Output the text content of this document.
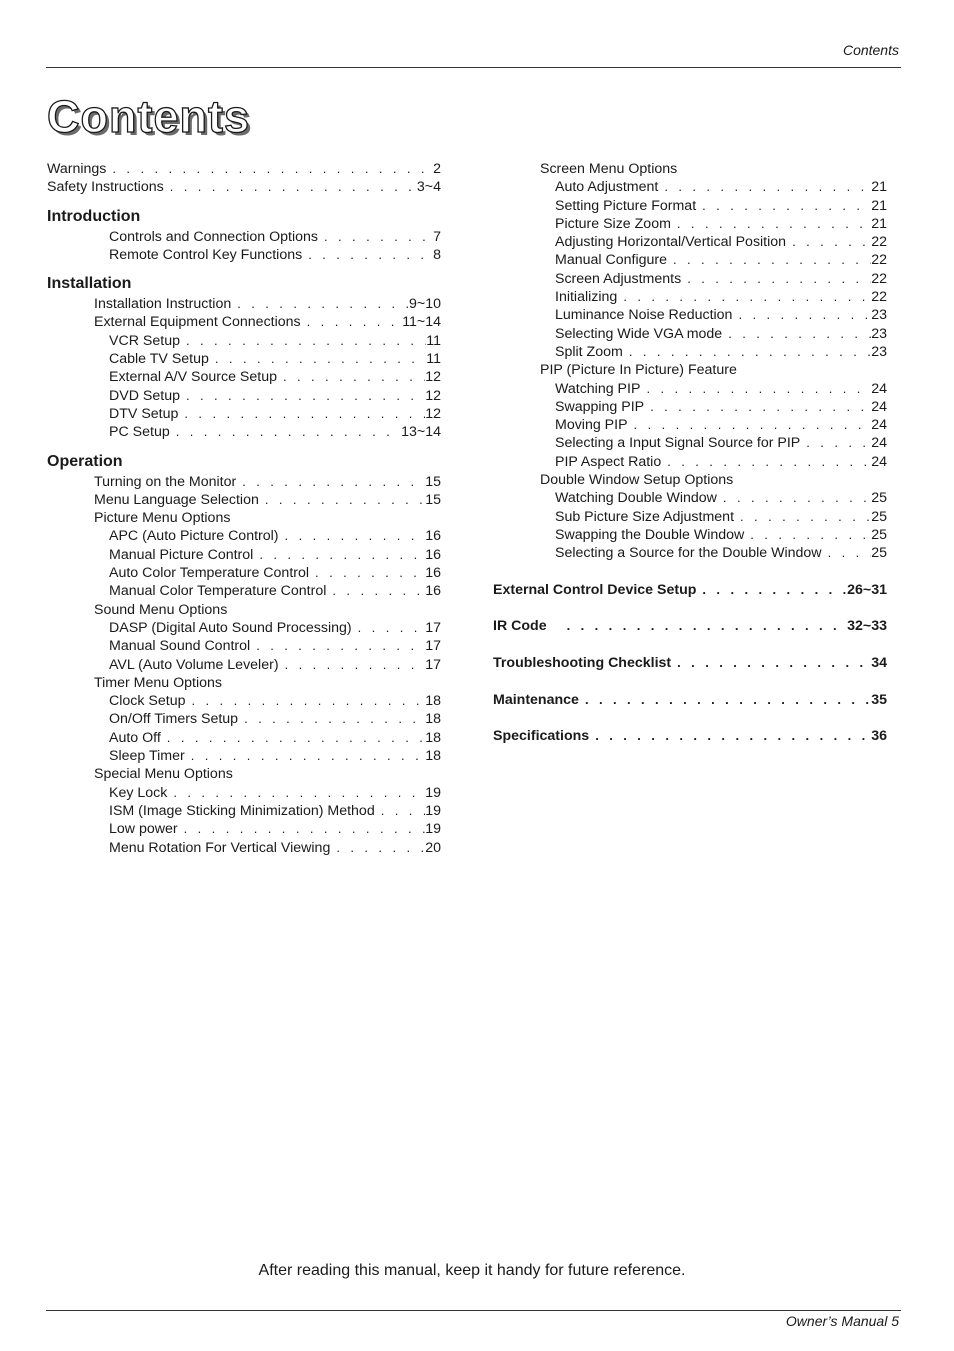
Contents
Contents
Warnings . . .	2
Safety Instructions . . .	3~4
Introduction
Controls and Connection Options . . .	7
Remote Control Key Functions . . .	8
Installation
Installation Instruction . . .	9~10
External Equipment Connections . . .	11~14
VCR Setup . . .	11
Cable TV Setup . . .	11
External A/V Source Setup . . .	12
DVD Setup . . .	12
DTV Setup . . .	12
PC Setup . . .	13~14
Operation
Turning on the Monitor . . .	15
Menu Language Selection . . .	15
Picture Menu Options
APC (Auto Picture Control) . . .	16
Manual Picture Control . . .	16
Auto Color Temperature Control . . .	16
Manual Color Temperature Control . . .	16
Sound Menu Options
DASP (Digital Auto Sound Processing) . . .	17
Manual Sound Control . . .	17
AVL (Auto Volume Leveler) . . .	17
Timer Menu Options
Clock Setup . . .	18
On/Off Timers Setup . . .	18
Auto Off . . .	18
Sleep Timer . . .	18
Special Menu Options
Key Lock . . .	19
ISM (Image Sticking Minimization) Method . . .	19
Low power . . .	19
Menu Rotation For Vertical Viewing . . .	20
Screen Menu Options
Auto Adjustment . . .	21
Setting Picture Format . . .	21
Picture Size Zoom . . .	21
Adjusting Horizontal/Vertical Position . . .	22
Manual Configure . . .	22
Screen Adjustments . . .	22
Initializing . . .	22
Luminance Noise Reduction . . .	23
Selecting Wide VGA mode . . .	23
Split Zoom . . .	23
PIP (Picture In Picture) Feature
Watching PIP . . .	24
Swapping PIP . . .	24
Moving PIP . . .	24
Selecting a Input Signal Source for PIP . . .	24
PIP Aspect Ratio . . .	24
Double Window Setup Options
Watching Double Window . . .	25
Sub Picture Size Adjustment . . .	25
Swapping the Double Window . . .	25
Selecting a Source for the Double Window . . .	25
External Control Device Setup . . .	26~31
IR Code . . .	32~33
Troubleshooting Checklist . . .	34
Maintenance . . .	35
Specifications . . .	36
After reading this manual, keep it handy for future reference.
Owner’s Manual 5
